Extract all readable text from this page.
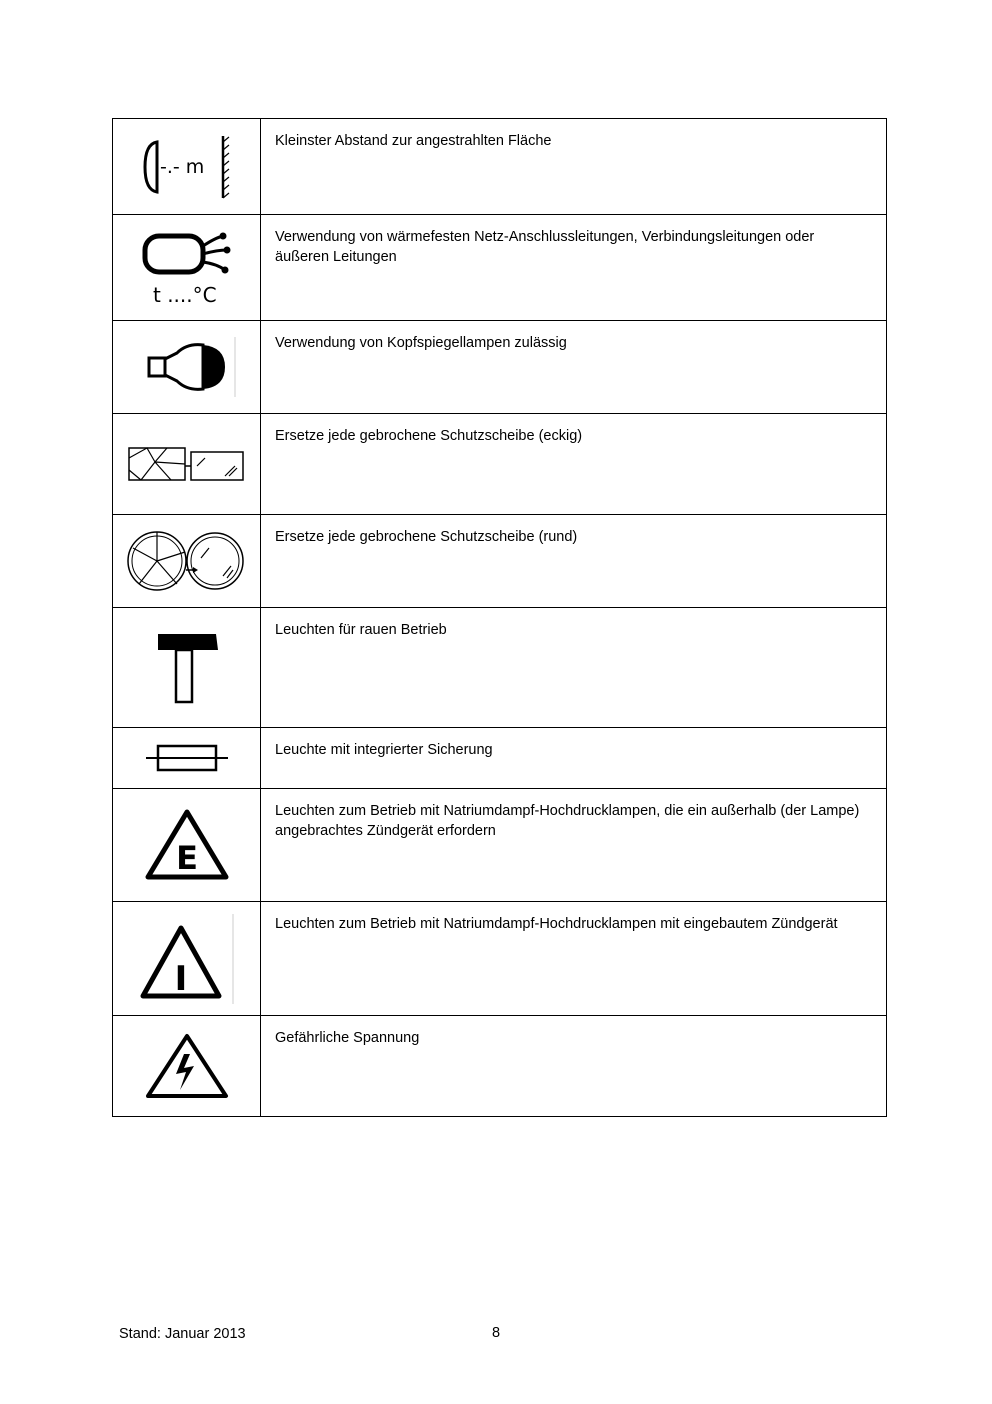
-.- m	Kleinster Abstand zur angestrahlten Fläche

t ....°C	Verwendung von wärmefesten Netz-Anschlussleitungen, Verbindungsleitungen oder äußeren Leitungen

	Verwendung von Kopfspiegellampen zulässig

	Ersetze jede gebrochene Schutzscheibe (eckig)

	Ersetze jede gebrochene Schutzscheibe (rund)

	Leuchten für rauen Betrieb

	Leuchte mit integrierter Sicherung

E	Leuchten zum Betrieb mit Natriumdampf-Hochdrucklampen, die ein außerhalb (der Lampe) angebrachtes Zündgerät erfordern

I	Leuchten zum Betrieb mit Natriumdampf-Hochdrucklampen mit eingebautem Zündgerät

	Gefährliche Spannung
Stand: Januar 2013	8
